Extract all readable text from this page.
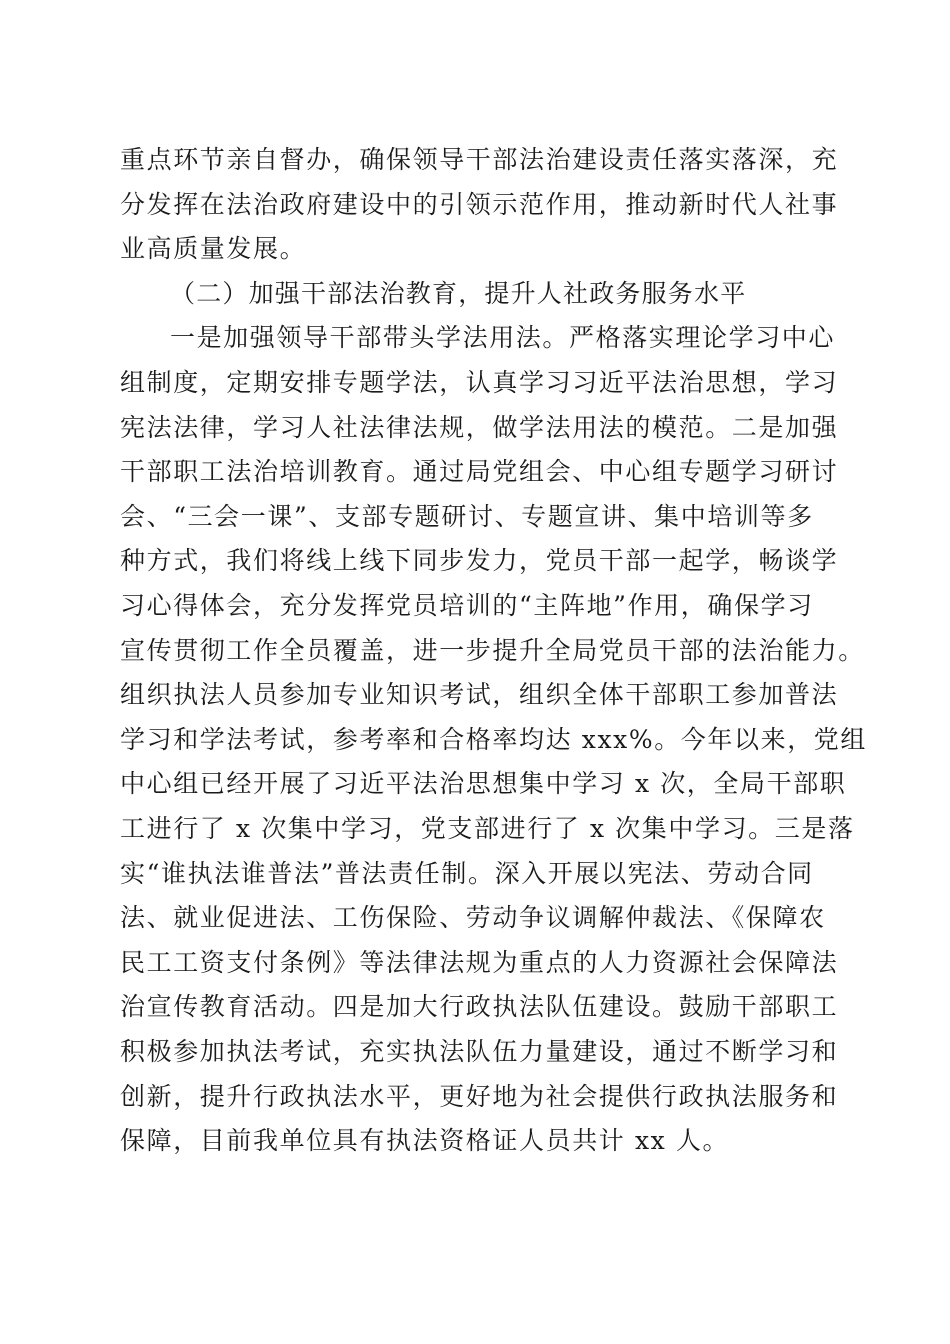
重点环节亲自督办，确保领导干部法治建设责任落实落深，充
分发挥在法治政府建设中的引领示范作用，推动新时代人社事
业高质量发展。
（二）加强干部法治教育，提升人社政务服务水平
一是加强领导干部带头学法用法。严格落实理论学习中心
组制度，定期安排专题学法，认真学习习近平法治思想，学习
宪法法律，学习人社法律法规，做学法用法的模范。二是加强
干部职工法治培训教育。通过局党组会、中心组专题学习研讨
会、“三会一课”、支部专题研讨、专题宣讲、集中培训等多
种方式，我们将线上线下同步发力，党员干部一起学，畅谈学
习心得体会，充分发挥党员培训的“主阵地”作用，确保学习
宣传贯彻工作全员覆盖，进一步提升全局党员干部的法治能力。
组织执法人员参加专业知识考试，组织全体干部职工参加普法
学习和学法考试，参考率和合格率均达 xxx%。今年以来，党组
中心组已经开展了习近平法治思想集中学习 x 次，全局干部职
工进行了 x 次集中学习，党支部进行了 x 次集中学习。三是落
实“谁执法谁普法”普法责任制。深入开展以宪法、劳动合同
法、就业促进法、工伤保险、劳动争议调解仲裁法、《保障农
民工工资支付条例》等法律法规为重点的人力资源社会保障法
治宣传教育活动。四是加大行政执法队伍建设。鼓励干部职工
积极参加执法考试，充实执法队伍力量建设，通过不断学习和
创新，提升行政执法水平，更好地为社会提供行政执法服务和
保障，目前我单位具有执法资格证人员共计 xx 人。
